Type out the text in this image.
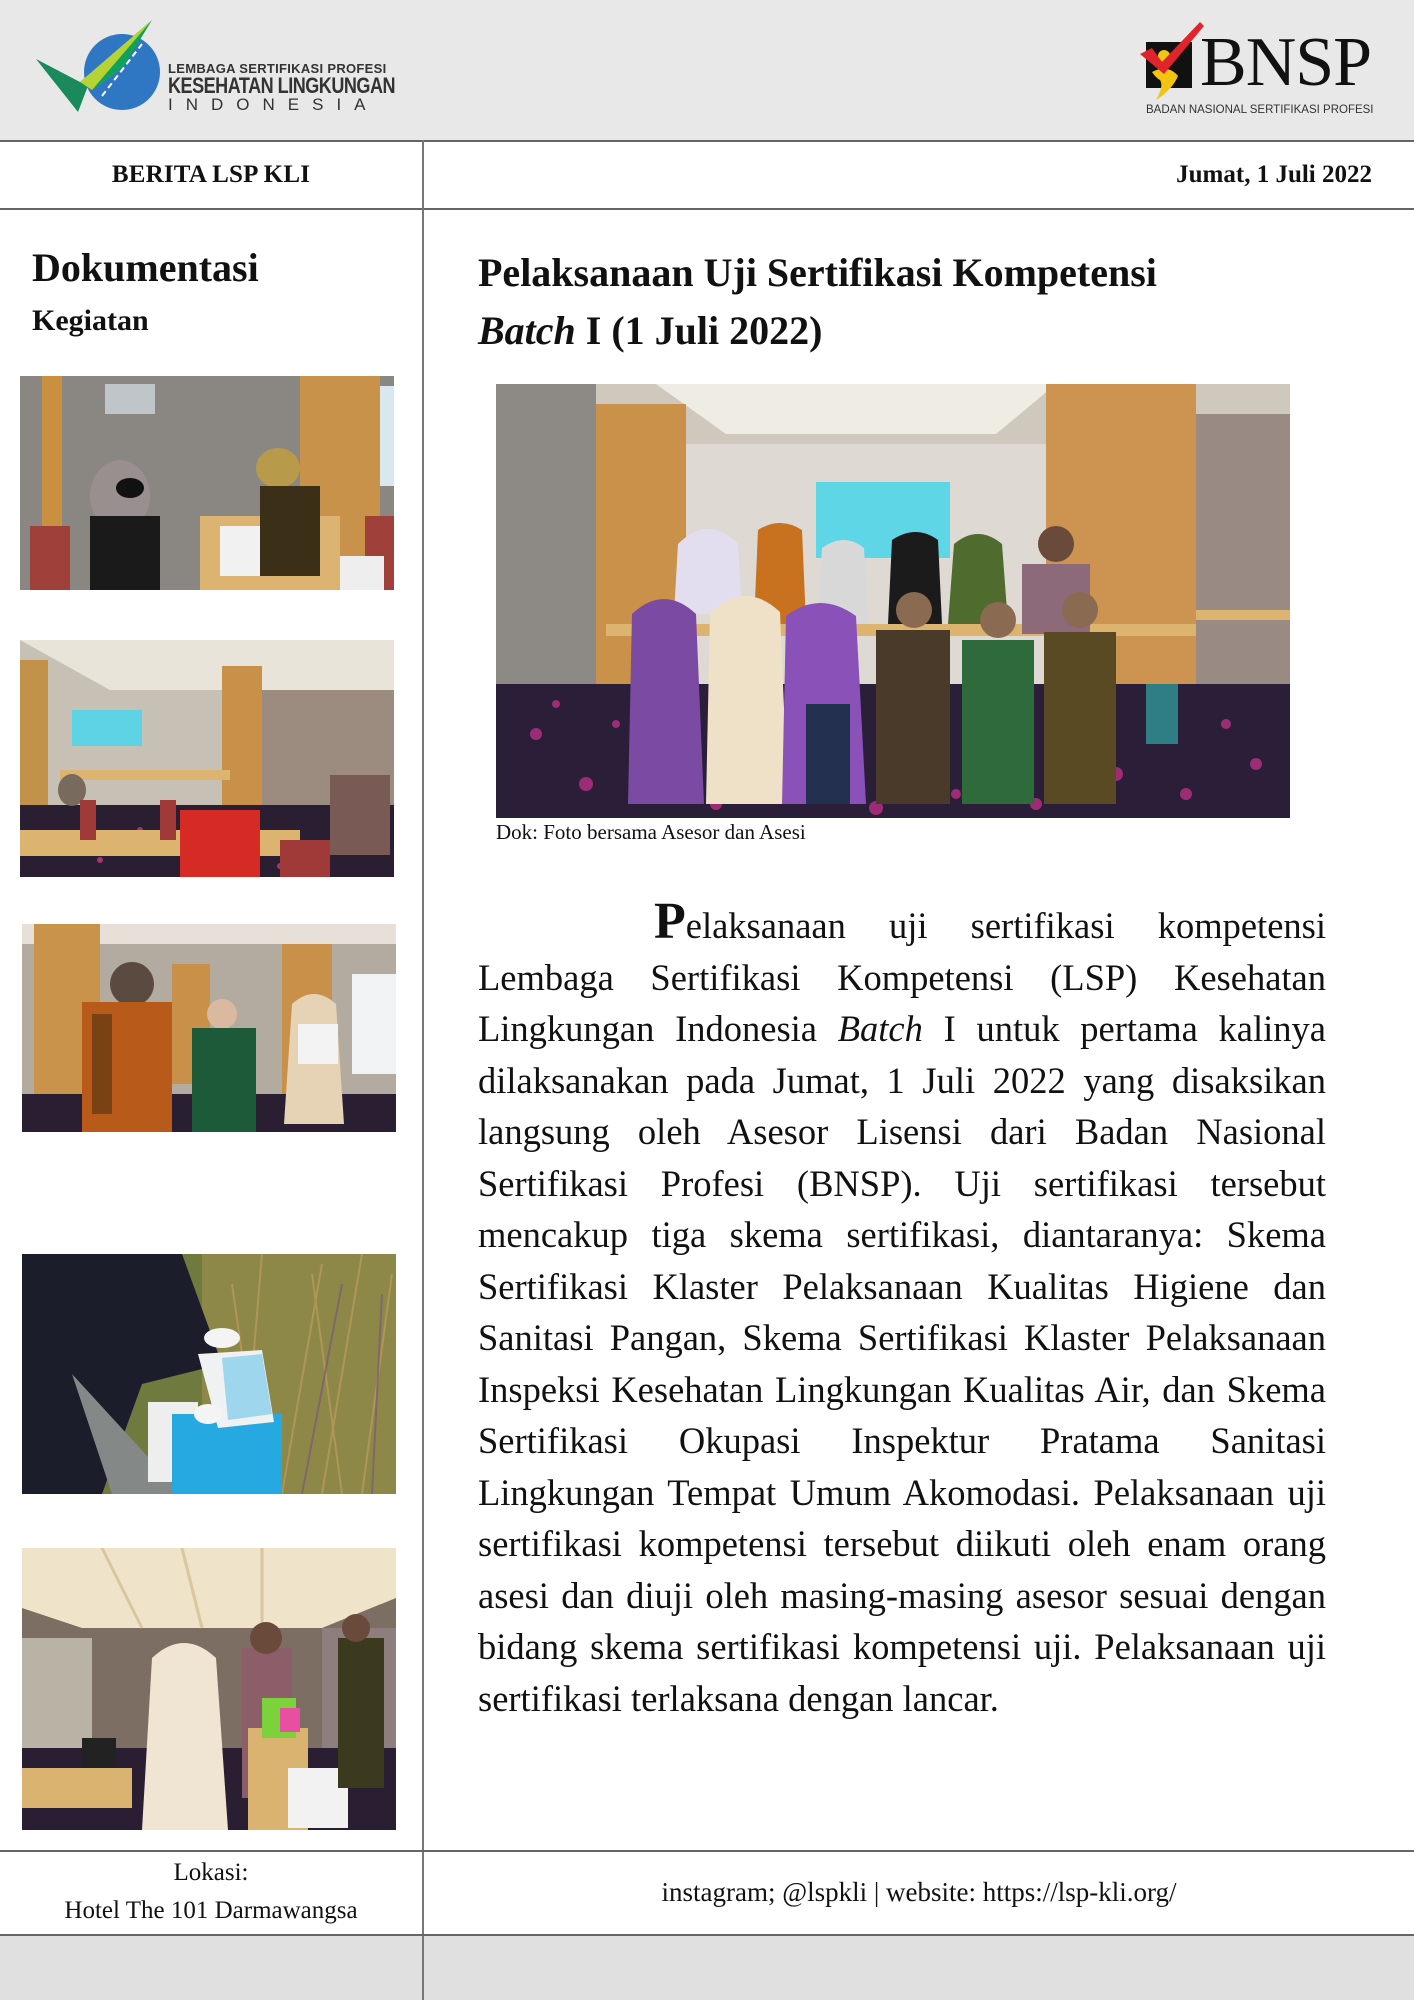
LEMBAGA SERTIFIKASI PROFESI
KESEHATAN LINGKUNGAN
INDONESIA
BNSP
BADAN NASIONAL SERTIFIKASI PROFESI
BERITA LSP KLI	Jumat, 1 Juli 2022
Dokumentasi
Kegiatan
Pelaksanaan Uji Sertifikasi Kompetensi
Batch I (1 Juli 2022)
Dok: Foto bersama Asesor dan Asesi
Pelaksanaan uji sertifikasi kompetensi Lembaga Sertifikasi Kompetensi (LSP) Kesehatan Lingkungan Indonesia Batch I untuk pertama kalinya dilaksanakan pada Jumat, 1 Juli 2022 yang disaksikan langsung oleh Asesor Lisensi dari Badan Nasional Sertifikasi Profesi (BNSP). Uji sertifikasi tersebut mencakup tiga skema sertifikasi, diantaranya: Skema Sertifikasi Klaster Pelaksanaan Kualitas Higiene dan Sanitasi Pangan, Skema Sertifikasi Klaster Pelaksanaan Inspeksi Kesehatan Lingkungan Kualitas Air, dan Skema Sertifikasi Okupasi Inspektur Pratama Sanitasi Lingkungan Tempat Umum Akomodasi. Pelaksanaan uji sertifikasi kompetensi tersebut diikuti oleh enam orang asesi dan diuji oleh masing-masing asesor sesuai dengan bidang skema sertifikasi kompetensi uji. Pelaksanaan uji sertifikasi terlaksana dengan lancar.
Lokasi:
Hotel The 101 Darmawangsa
instagram; @lspkli | website: https://lsp-kli.org/
